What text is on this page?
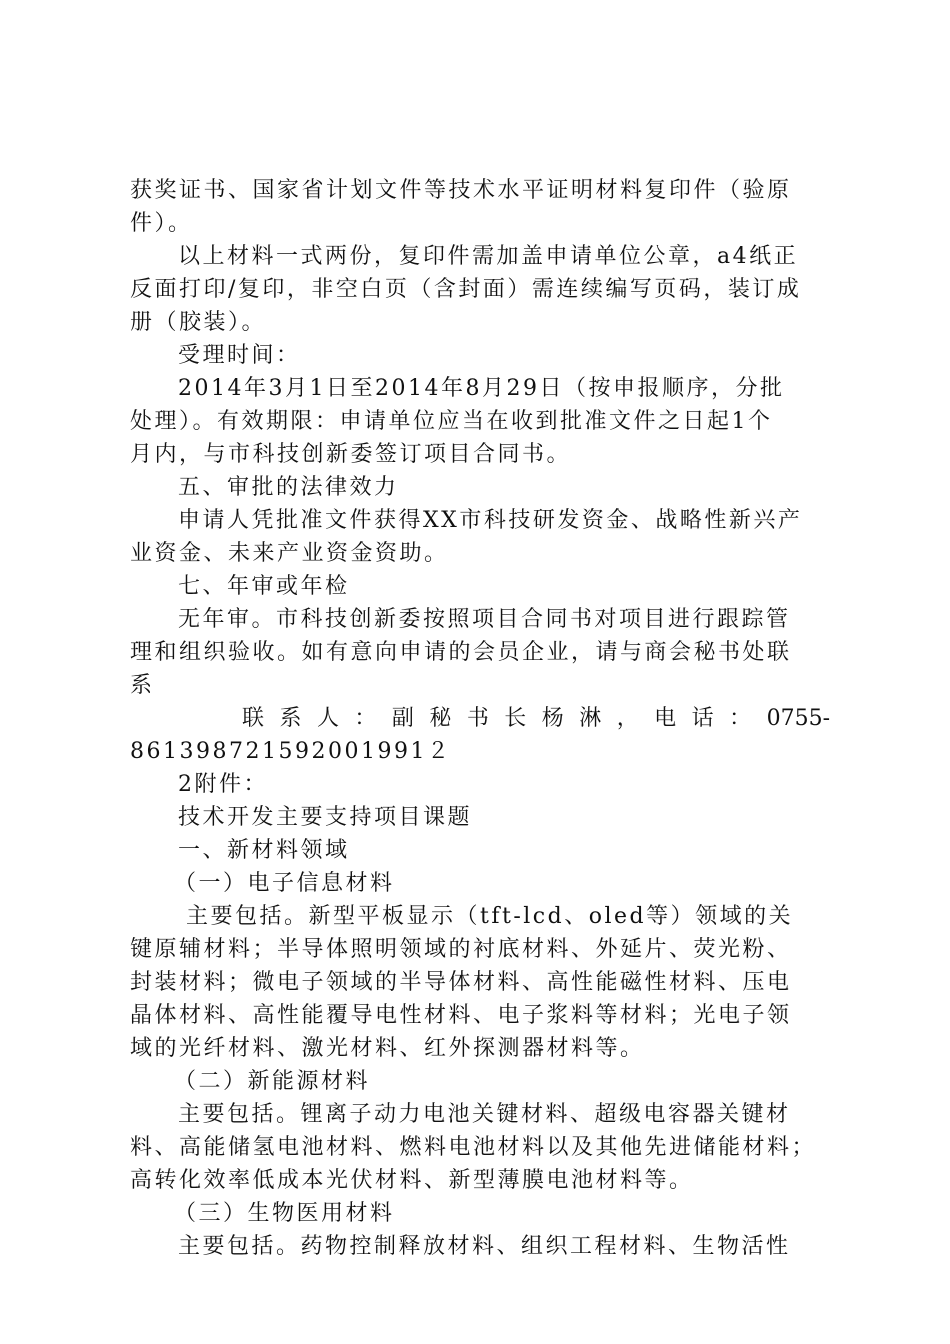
获奖证书、国家省计划文件等技术水平证明材料复印件（验原
件）。
以上材料一式两份，复印件需加盖申请单位公章，a4纸正
反面打印/复印，非空白页（含封面）需连续编写页码，装订成
册（胶装）。
受理时间：
2014年3月1日至2014年8月29日（按申报顺序，分批
处理）。有效期限：申请单位应当在收到批准文件之日起1个
月内，与市科技创新委签订项目合同书。
五、审批的法律效力
申请人凭批准文件获得XX市科技研发资金、战略性新兴产
业资金、未来产业资金资助。
七、年审或年检
无年审。市科技创新委按照项目合同书对项目进行跟踪管
理和组织验收。如有意向申请的会员企业，请与商会秘书处联
系
联 系 人 ： 副 秘 书 长 杨 淋 ， 电 话 ： 0755-
861398721592001991２
2附件：
技术开发主要支持项目课题
一、新材料领域
（一）电子信息材料
主要包括。新型平板显示（tft-lcd、oled等）领域的关
键原辅材料；半导体照明领域的衬底材料、外延片、荧光粉、
封装材料；微电子领域的半导体材料、高性能磁性材料、压电
晶体材料、高性能覆导电性材料、电子浆料等材料；光电子领
域的光纤材料、激光材料、红外探测器材料等。
（二）新能源材料
主要包括。锂离子动力电池关键材料、超级电容器关键材
料、高能储氢电池材料、燃料电池材料以及其他先进储能材料；
高转化效率低成本光伏材料、新型薄膜电池材料等。
（三）生物医用材料
主要包括。药物控制释放材料、组织工程材料、生物活性
